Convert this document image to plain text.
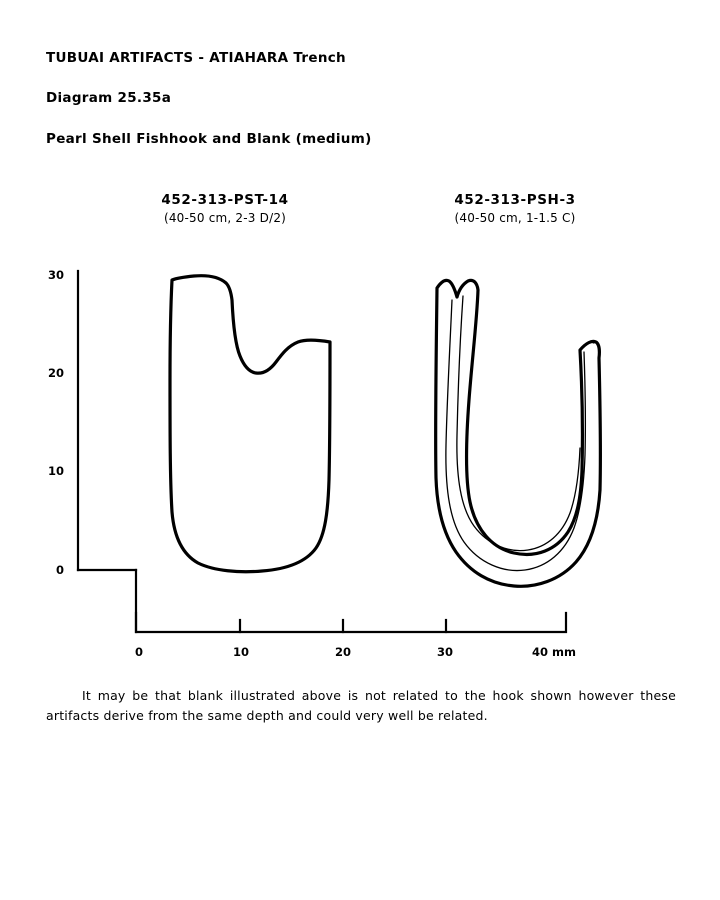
TUBUAI ARTIFACTS - ATIAHARA Trench
Diagram 25.35a
Pearl Shell Fishhook and Blank (medium)
452-313-PST-14
(40-50 cm, 2-3 D/2)
452-313-PSH-3
(40-50 cm, 1-1.5 C)
30
20
10
0
0	10	20	30	40 mm
It may be that blank illustrated above is not related to the hook shown however these artifacts derive from the same depth and could very well be related.
